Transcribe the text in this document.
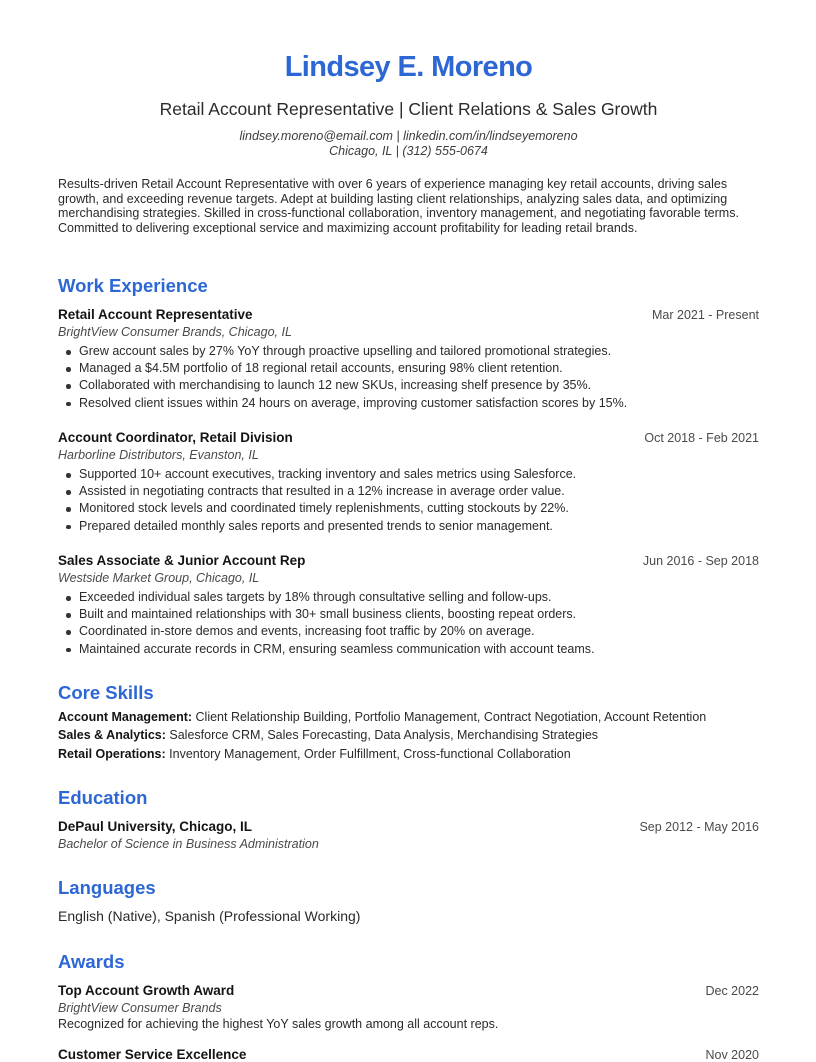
Lindsey E. Moreno
Retail Account Representative | Client Relations & Sales Growth
lindsey.moreno@email.com | linkedin.com/in/lindseyemoreno
Chicago, IL | (312) 555-0674
Results-driven Retail Account Representative with over 6 years of experience managing key retail accounts, driving sales growth, and exceeding revenue targets. Adept at building lasting client relationships, analyzing sales data, and optimizing merchandising strategies. Skilled in cross-functional collaboration, inventory management, and negotiating favorable terms. Committed to delivering exceptional service and maximizing account profitability for leading retail brands.
Work Experience
Retail Account Representative	Mar 2021 - Present
BrightView Consumer Brands, Chicago, IL
Grew account sales by 27% YoY through proactive upselling and tailored promotional strategies.
Managed a $4.5M portfolio of 18 regional retail accounts, ensuring 98% client retention.
Collaborated with merchandising to launch 12 new SKUs, increasing shelf presence by 35%.
Resolved client issues within 24 hours on average, improving customer satisfaction scores by 15%.
Account Coordinator, Retail Division	Oct 2018 - Feb 2021
Harborline Distributors, Evanston, IL
Supported 10+ account executives, tracking inventory and sales metrics using Salesforce.
Assisted in negotiating contracts that resulted in a 12% increase in average order value.
Monitored stock levels and coordinated timely replenishments, cutting stockouts by 22%.
Prepared detailed monthly sales reports and presented trends to senior management.
Sales Associate & Junior Account Rep	Jun 2016 - Sep 2018
Westside Market Group, Chicago, IL
Exceeded individual sales targets by 18% through consultative selling and follow-ups.
Built and maintained relationships with 30+ small business clients, boosting repeat orders.
Coordinated in-store demos and events, increasing foot traffic by 20% on average.
Maintained accurate records in CRM, ensuring seamless communication with account teams.
Core Skills
Account Management: Client Relationship Building, Portfolio Management, Contract Negotiation, Account Retention
Sales & Analytics: Salesforce CRM, Sales Forecasting, Data Analysis, Merchandising Strategies
Retail Operations: Inventory Management, Order Fulfillment, Cross-functional Collaboration
Education
DePaul University, Chicago, IL	Sep 2012 - May 2016
Bachelor of Science in Business Administration
Languages
English (Native), Spanish (Professional Working)
Awards
Top Account Growth Award	Dec 2022
BrightView Consumer Brands
Recognized for achieving the highest YoY sales growth among all account reps.
Customer Service Excellence	Nov 2020
